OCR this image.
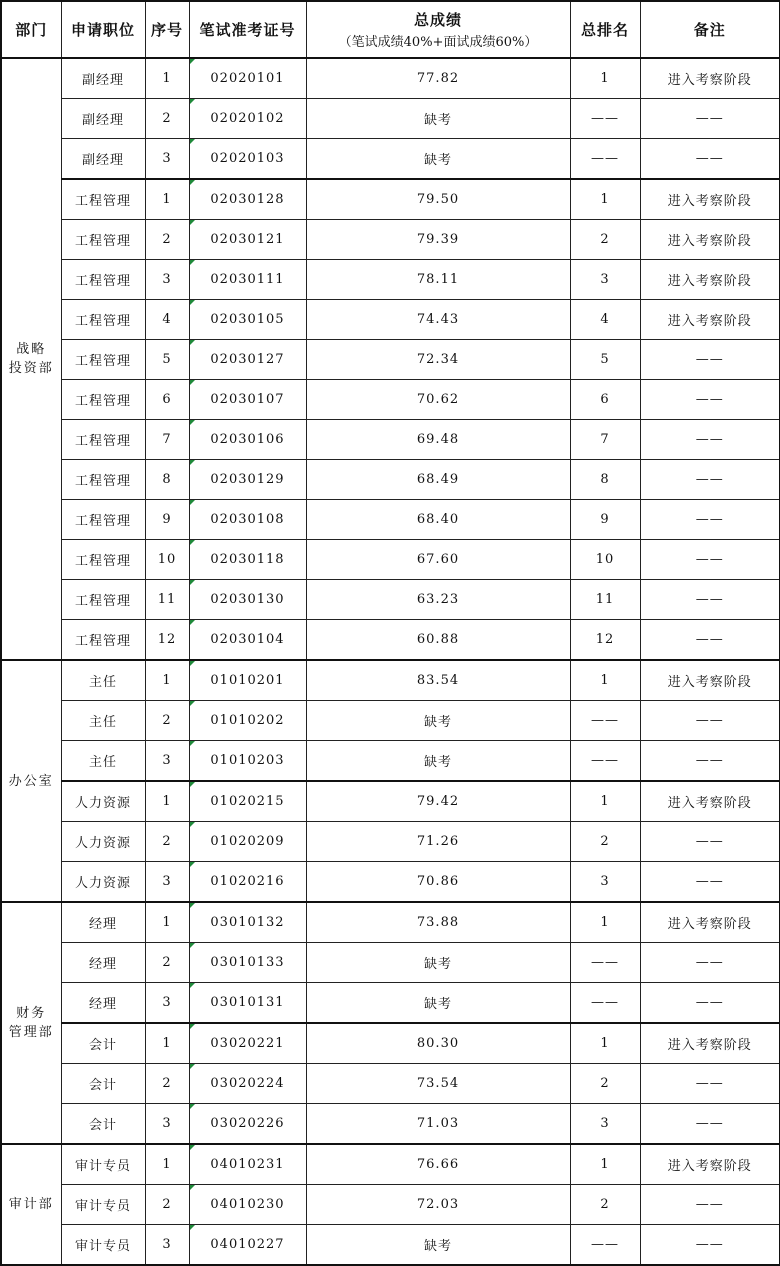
部门	申请职位	序号	笔试准考证号	总成绩
（笔试成绩40%+面试成绩60%）	总排名	备注
战略
投资部	副经理	1	02020101	77.82	1	进入考察阶段
	副经理	2	02020102	缺考	——	——
	副经理	3	02020103	缺考	——	——
	工程管理	1	02030128	79.50	1	进入考察阶段
	工程管理	2	02030121	79.39	2	进入考察阶段
	工程管理	3	02030111	78.11	3	进入考察阶段
	工程管理	4	02030105	74.43	4	进入考察阶段
	工程管理	5	02030127	72.34	5	——
	工程管理	6	02030107	70.62	6	——
	工程管理	7	02030106	69.48	7	——
	工程管理	8	02030129	68.49	8	——
	工程管理	9	02030108	68.40	9	——
	工程管理	10	02030118	67.60	10	——
	工程管理	11	02030130	63.23	11	——
	工程管理	12	02030104	60.88	12	——
办公室	主任	1	01010201	83.54	1	进入考察阶段
	主任	2	01010202	缺考	——	——
	主任	3	01010203	缺考	——	——
	人力资源	1	01020215	79.42	1	进入考察阶段
	人力资源	2	01020209	71.26	2	——
	人力资源	3	01020216	70.86	3	——
财务
管理部	经理	1	03010132	73.88	1	进入考察阶段
	经理	2	03010133	缺考	——	——
	经理	3	03010131	缺考	——	——
	会计	1	03020221	80.30	1	进入考察阶段
	会计	2	03020224	73.54	2	——
	会计	3	03020226	71.03	3	——
审计部	审计专员	1	04010231	76.66	1	进入考察阶段
	审计专员	2	04010230	72.03	2	——
	审计专员	3	04010227	缺考	——	——
